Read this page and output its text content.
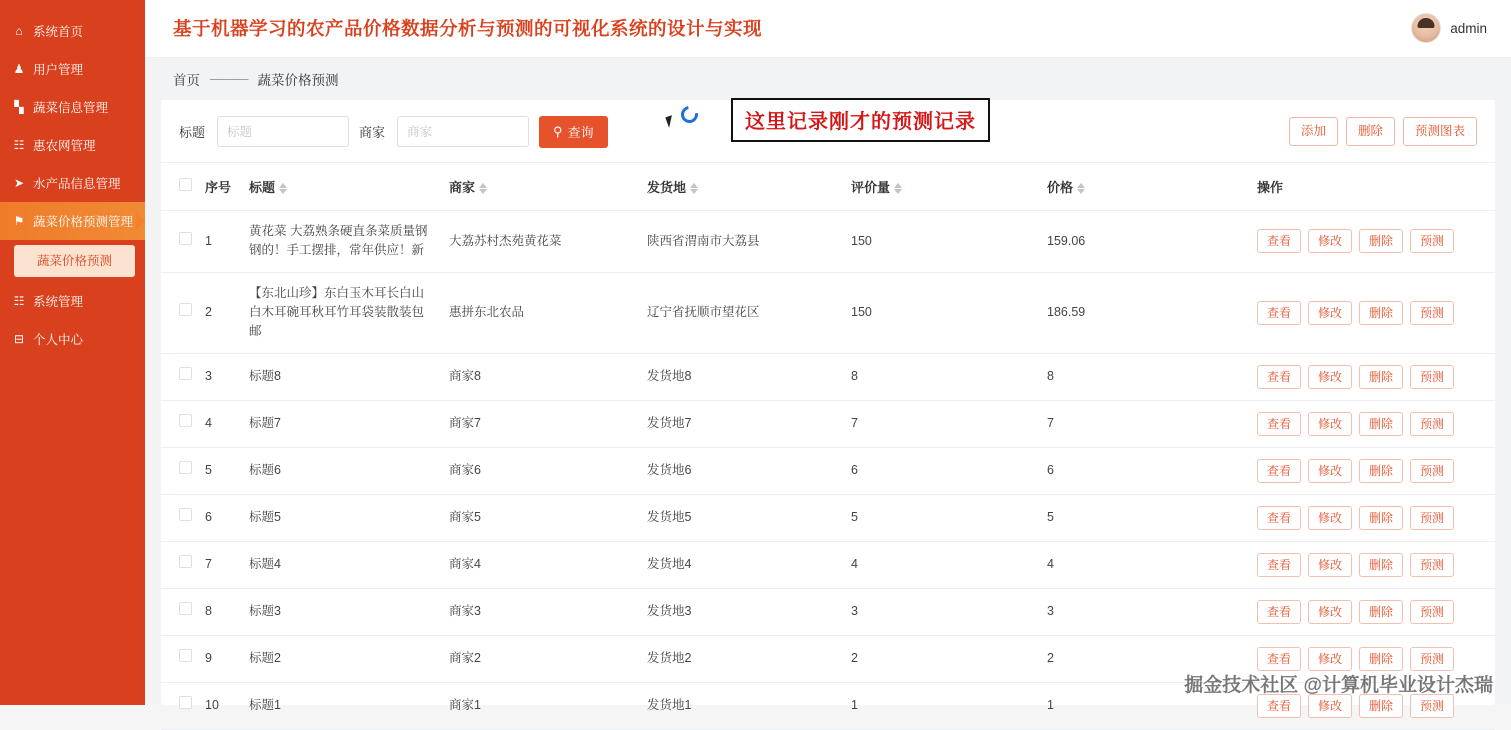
⌂ 系统首页
♟ 用户管理
▚ 蔬菜信息管理
☷ 惠农网管理
➤ 水产品信息管理
⚑ 蔬菜价格预测管理
蔬菜价格预测
☷ 系统管理
⊟ 个人中心
基于机器学习的农产品价格数据分析与预测的可视化系统的设计与实现	admin
首页 ——— 蔬菜价格预测
标题
标题	商家
商家	⚲ 查询	这里记录刚才的预测记录	添加	删除	预测图表
	序号	标题	商家	发货地	评价量	价格	操作
	1	黄花菜 大荔熟条硬直条菜质量钢钢的！手工摆排，常年供应！新	大荔苏村杰苑黄花菜	陕西省渭南市大荔县	150	159.06	查看 修改 删除 预测

	2	【东北山珍】东白玉木耳长白山白木耳碗耳秋耳竹耳袋装散装包邮	惠拼东北农品	辽宁省抚顺市望花区	150	186.59	查看 修改 删除 预测

	3	标题8	商家8	发货地8	8	8	查看 修改 删除 预测

	4	标题7	商家7	发货地7	7	7	查看 修改 删除 预测

	5	标题6	商家6	发货地6	6	6	查看 修改 删除 预测

	6	标题5	商家5	发货地5	5	5	查看 修改 删除 预测

	7	标题4	商家4	发货地4	4	4	查看 修改 删除 预测

	8	标题3	商家3	发货地3	3	3	查看 修改 删除 预测

	9	标题2	商家2	发货地2	2	2	查看 修改 删除 预测

	10	标题1	商家1	发货地1	1	1	查看 修改 删除 预测
掘金技术社区 @计算机毕业设计杰瑞
